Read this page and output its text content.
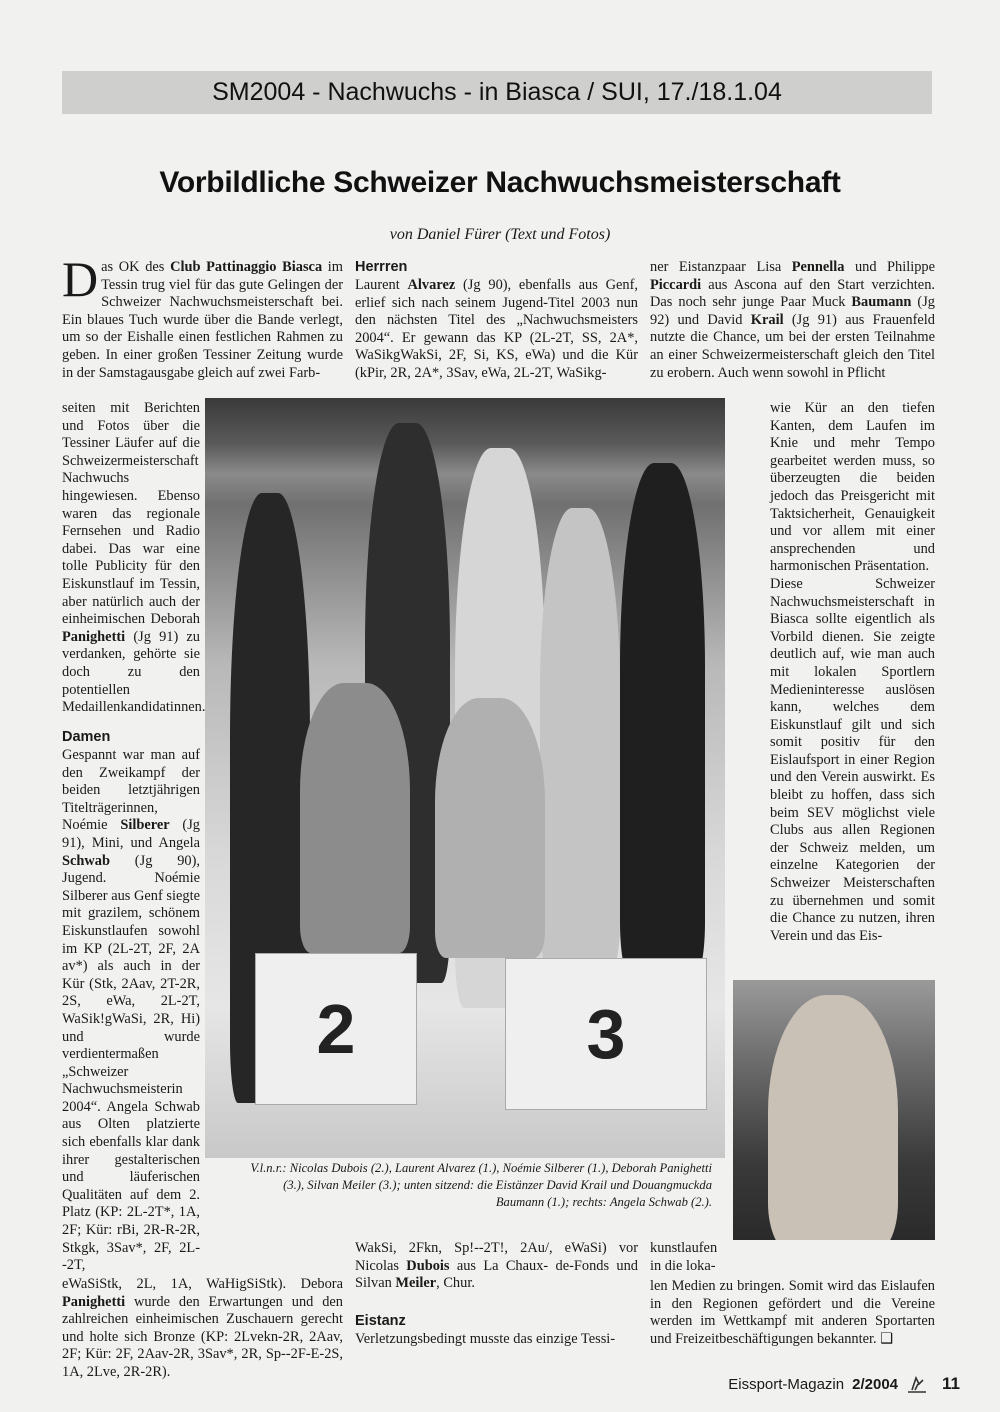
SM2004 - Nachwuchs - in Biasca / SUI, 17./18.1.04
Vorbildliche Schweizer Nachwuchsmeisterschaft
von Daniel Fürer (Text und Fotos)
D as OK des Club Pattinaggio Biasca im Tessin trug viel für das gute Gelingen der Schweizer Nachwuchsmeisterschaft bei. Ein blaues Tuch wurde über die Bande verlegt, um so der Eishalle einen festlichen Rahmen zu geben. In einer großen Tessiner Zeitung wurde in der Samstagausgabe gleich auf zwei Farb-
seiten mit Berichten und Fotos über die Tessiner Läufer auf die Schweizermeisterschaft Nachwuchs hingewiesen. Ebenso waren das regionale Fernsehen und Radio dabei. Das war eine tolle Publicity für den Eiskunstlauf im Tessin, aber natürlich auch der einheimischen Deborah Panighetti (Jg 91) zu verdanken, gehörte sie doch zu den potentiellen Medaillenkandidatinnen.
Damen
Gespannt war man auf den Zweikampf der beiden letztjährigen Titelträgerinnen, Noémie Silberer (Jg 91), Mini, und Angela Schwab (Jg 90), Jugend. Noémie Silberer aus Genf siegte mit grazilem, schönem Eiskunstlaufen sowohl im KP (2L-2T, 2F, 2A av*) als auch in der Kür (Stk, 2Aav, 2T-2R, 2S, eWa, 2L-2T, WaSik!gWaSi, 2R, Hi) und wurde verdientermaßen „Schweizer Nachwuchsmeisterin 2004“. Angela Schwab aus Olten platzierte sich ebenfalls klar dank ihrer gestalterischen und läuferischen Qualitäten auf dem 2. Platz (KP: 2L-2T*, 1A, 2F; Kür: rBi, 2R-R-2R, Stkgk, 3Sav*, 2F, 2L--2T,
eWaSiStk, 2L, 1A, WaHigSiStk). Debora Panighetti wurde den Erwartungen und den zahlreichen einheimischen Zuschauern gerecht und holte sich Bronze (KP: 2Lvekn-2R, 2Aav, 2F; Kür: 2F, 2Aav-2R, 3Sav*, 2R, Sp--2F-E-2S, 1A, 2Lve, 2R-2R).
Herrren
Laurent Alvarez (Jg 90), ebenfalls aus Genf, erlief sich nach seinem Jugend-Titel 2003 nun den nächsten Titel des „Nachwuchsmeisters 2004“. Er gewann das KP (2L-2T, SS, 2A*, WaSikgWakSi, 2F, Si, KS, eWa) und die Kür (kPir, 2R, 2A*, 3Sav, eWa, 2L-2T, WaSikg-
WakSi, 2Fkn, Sp!--2T!, 2Au/, eWaSi) vor Nicolas Dubois aus La Chaux- de-Fonds und Silvan Meiler, Chur.
Eistanz
Verletzungsbedingt musste das einzige Tessi-
ner Eistanzpaar Lisa Pennella und Philippe Piccardi aus Ascona auf den Start verzichten. Das noch sehr junge Paar Muck Baumann (Jg 92) und David Krail (Jg 91) aus Frauenfeld nutzte die Chance, um bei der ersten Teilnahme an einer Schweizermeisterschaft gleich den Titel zu erobern. Auch wenn sowohl in Pflicht
wie Kür an den tiefen Kanten, dem Laufen im Knie und mehr Tempo gearbeitet werden muss, so überzeugten die beiden jedoch das Preisgericht mit Taktsicherheit, Genauigkeit und vor allem mit einer ansprechenden und harmonischen Präsentation.
Diese Schweizer Nachwuchsmeisterschaft in Biasca sollte eigentlich als Vorbild dienen. Sie zeigte deutlich auf, wie man auch mit lokalen Sportlern Medieninteresse auslösen kann, welches dem Eiskunstlauf gilt und sich somit positiv für den Eislaufsport in einer Region und den Verein auswirkt. Es bleibt zu hoffen, dass sich beim SEV möglichst viele Clubs aus allen Regionen der Schweiz melden, um einzelne Kategorien der Schweizer Meisterschaften zu übernehmen und somit die Chance zu nutzen, ihren Verein und das Eis-
kunstlaufen in die loka-
len Medien zu bringen. Somit wird das Eislaufen in den Regionen gefördert und die Vereine werden im Wettkampf mit anderen Sportarten und Freizeitbeschäftigungen bekannter. ❑
2	3
V.l.n.r.: Nicolas Dubois (2.), Laurent Alvarez (1.), Noémie Silberer (1.), Deborah Panighetti (3.), Silvan Meiler (3.); unten sitzend: die Eistänzer David Krail und Douangmuckda Baumann (1.); rechts: Angela Schwab (2.).
Eissport-Magazin 2/2004	11
